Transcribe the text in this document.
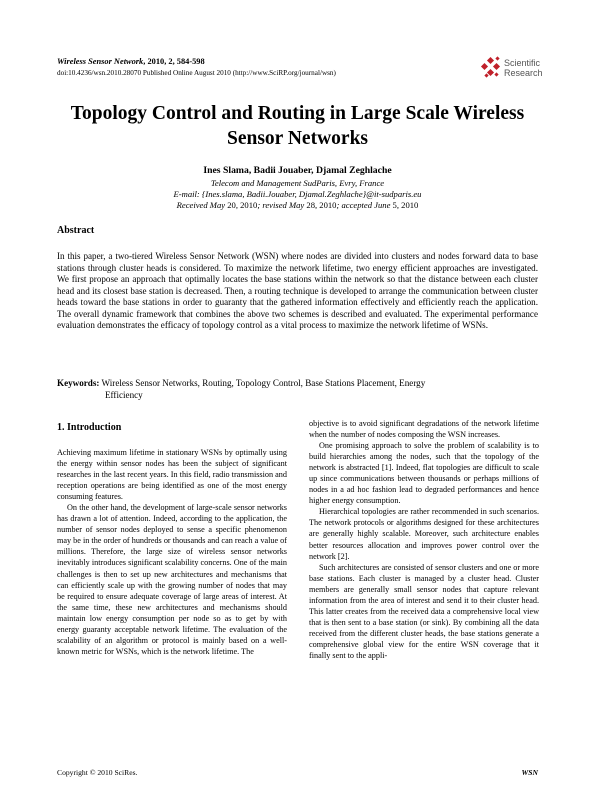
Wireless Sensor Network, 2010, 2, 584-598
doi:10.4236/wsn.2010.28070 Published Online August 2010 (http://www.SciRP.org/journal/wsn)
Scientific
Research
Topology Control and Routing in Large Scale Wireless
Sensor Networks
Ines Slama, Badii Jouaber, Djamal Zeghlache
Telecom and Management SudParis, Evry, France
E-mail: {Ines.slama, Badii.Jouaber, Djamal.Zeghlache}@it-sudparis.eu
Received May 20, 2010; revised May 28, 2010; accepted June 5, 2010
Abstract
In this paper, a two-tiered Wireless Sensor Network (WSN) where nodes are divided into clusters and nodes forward data to base stations through cluster heads is considered. To maximize the network lifetime, two energy efficient approaches are investigated. We first propose an approach that optimally locates the base stations within the network so that the distance between each cluster head and its closest base station is decreased. Then, a routing technique is developed to arrange the communication between cluster heads toward the base stations in order to guaranty that the gathered information effectively and efficiently reach the application. The overall dynamic framework that combines the above two schemes is described and evaluated. The experimental performance evaluation demonstrates the efficacy of topology control as a vital process to maximize the network lifetime of WSNs.
Keywords: Wireless Sensor Networks, Routing, Topology Control, Base Stations Placement, Energy
Efficiency
1. Introduction

Achieving maximum lifetime in stationary WSNs by optimally using the energy within sensor nodes has been the subject of significant researches in the last recent years. In this field, radio transmission and reception operations are being identified as one of the most energy consuming features.

On the other hand, the development of large-scale sensor networks has drawn a lot of attention. Indeed, according to the application, the number of sensor nodes deployed to sense a specific phenomenon may be in the order of hundreds or thousands and can reach a value of millions. Therefore, the large size of wireless sensor networks inevitably introduces significant scalability concerns. One of the main challenges is then to set up new architectures and mechanisms that can efficiently scale up with the growing number of nodes that may be required to ensure adequate coverage of large areas of interest. At the same time, these new architectures and mechanisms should maintain low energy consumption per node so as to get by with energy guaranty acceptable network lifetime. The evaluation of the scalability of an algorithm or protocol is mainly based on a well-known metric for WSNs, which is the network lifetime. The

objective is to avoid significant degradations of the network lifetime when the number of nodes composing the WSN increases.

One promising approach to solve the problem of scalability is to build hierarchies among the nodes, such that the topology of the network is abstracted [1]. Indeed, flat topologies are difficult to scale up since communications between thousands or perhaps millions of nodes in a ad hoc fashion lead to degraded performances and hence higher energy consumption.

Hierarchical topologies are rather recommended in such scenarios. The network protocols or algorithms designed for these architectures are generally highly scalable. Moreover, such architecture enables better resources allocation and improves power control over the network [2].

Such architectures are consisted of sensor clusters and one or more base stations. Each cluster is managed by a cluster head. Cluster members are generally small sensor nodes that capture relevant information from the area of interest and send it to their cluster head. This latter creates from the received data a comprehensive local view that is then sent to a base station (or sink). By combining all the data received from the different cluster heads, the base stations generate a comprehensive global view for the entire WSN coverage that it finally sent to the appli-

Copyright © 2010 SciRes.	WSN
